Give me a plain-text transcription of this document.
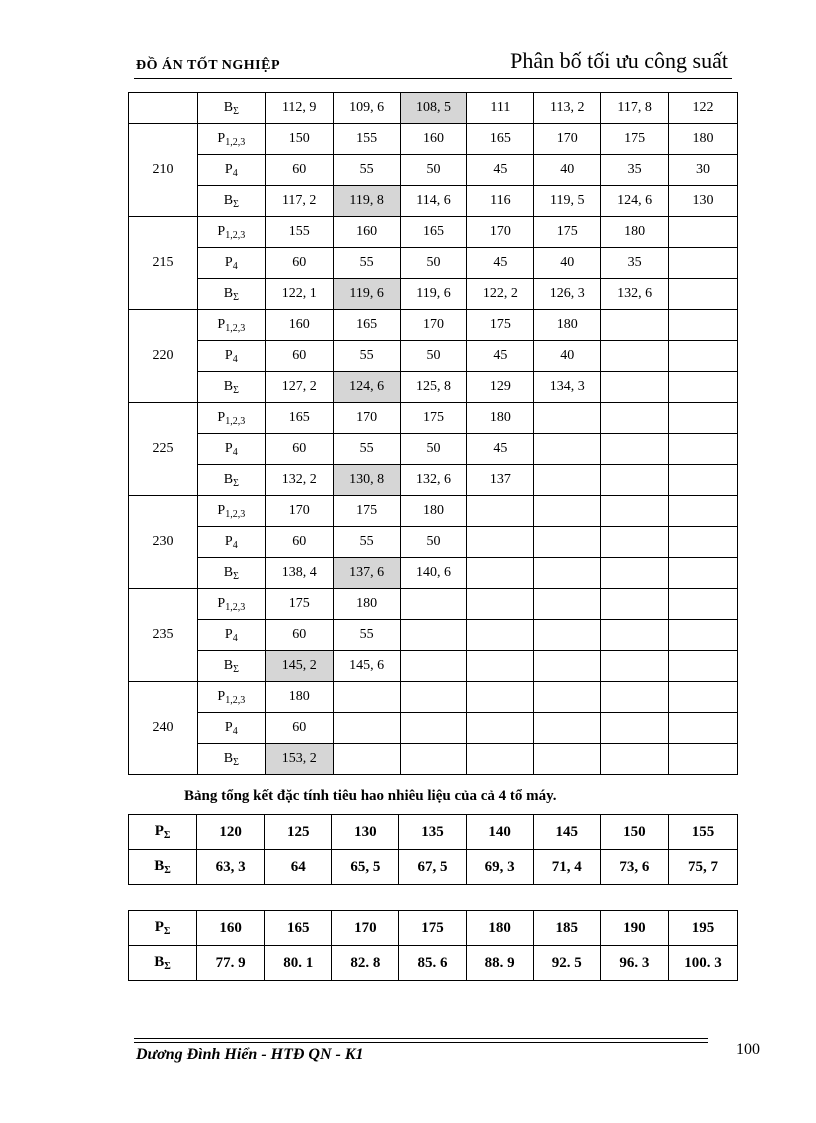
ĐỒ ÁN TỐT NGHIỆP	Phân bố tối ưu công suất
	$B_\Sigma$	112, 9	109, 6	108, 5	111	113, 2	117, 8	122
210	$P_{1,2,3}$	150	155	160	165	170	175	180
	$P_4$	60	55	50	45	40	35	30
	$B_\Sigma$	117, 2	119, 8	114, 6	116	119, 5	124, 6	130
215	$P_{1,2,3}$	155	160	165	170	175	180	
	$P_4$	60	55	50	45	40	35	
	$B_\Sigma$	122, 1	119, 6	119, 6	122, 2	126, 3	132, 6	
220	$P_{1,2,3}$	160	165	170	175	180		
	$P_4$	60	55	50	45	40		
	$B_\Sigma$	127, 2	124, 6	125, 8	129	134, 3		
225	$P_{1,2,3}$	165	170	175	180			
	$P_4$	60	55	50	45			
	$B_\Sigma$	132, 2	130, 8	132, 6	137			
230	$P_{1,2,3}$	170	175	180				
	$P_4$	60	55	50				
	$B_\Sigma$	138, 4	137, 6	140, 6				
235	$P_{1,2,3}$	175	180					
	$P_4$	60	55					
	$B_\Sigma$	145, 2	145, 6					
240	$P_{1,2,3}$	180						
	$P_4$	60						
	$B_\Sigma$	153, 2						
Bảng tổng kết đặc tính tiêu hao nhiêu liệu của cả 4 tổ máy.
$P_\Sigma$	120	125	130	135	140	145	150	155
$B_\Sigma$	63, 3	64	65, 5	67, 5	69, 3	71, 4	73, 6	75, 7
$P_\Sigma$	160	165	170	175	180	185	190	195
$B_\Sigma$	77. 9	80. 1	82. 8	85. 6	88. 9	92. 5	96. 3	100. 3
Dương Đình Hiển - HTĐ QN - K1	100
